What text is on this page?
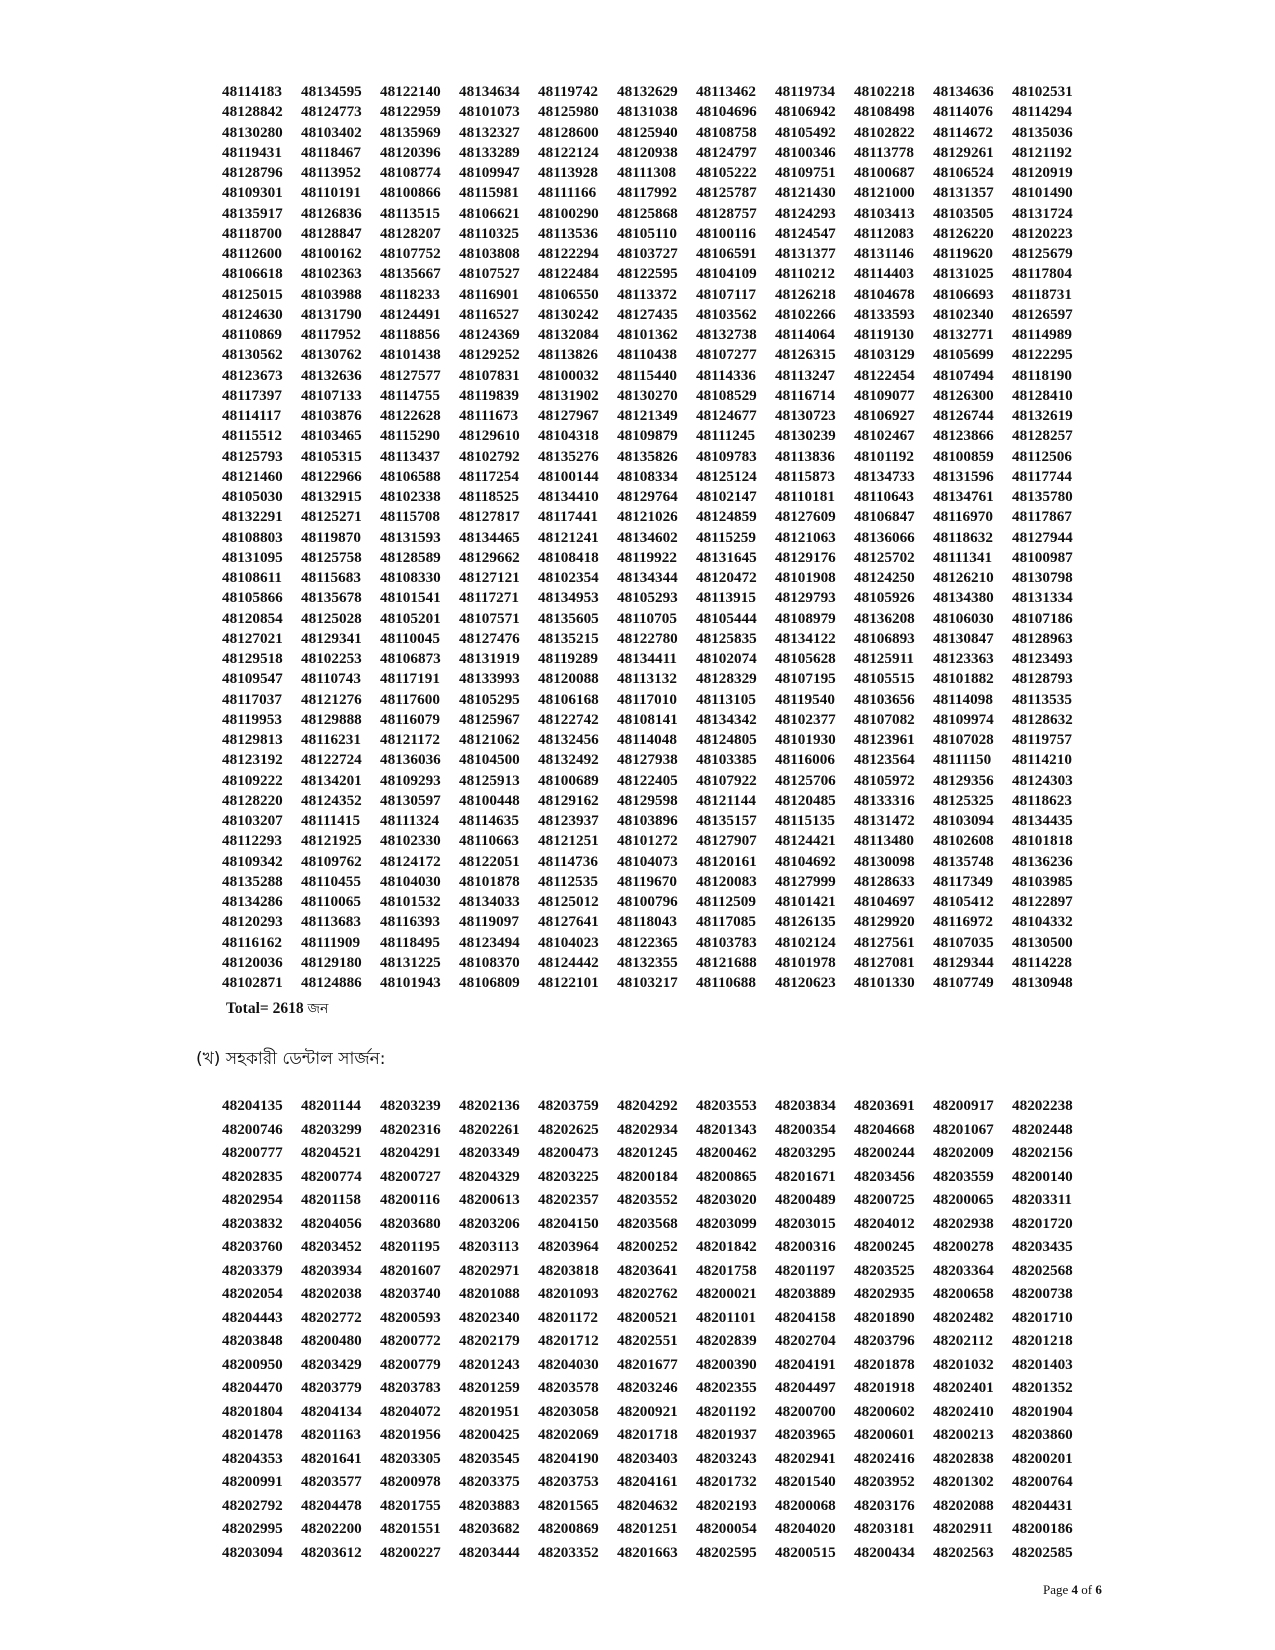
48114183	48134595	48122140	48134634	48119742	48132629	48113462	48119734	48102218	48134636	48102531
48128842	48124773	48122959	48101073	48125980	48131038	48104696	48106942	48108498	48114076	48114294
48130280	48103402	48135969	48132327	48128600	48125940	48108758	48105492	48102822	48114672	48135036
48119431	48118467	48120396	48133289	48122124	48120938	48124797	48100346	48113778	48129261	48121192
48128796	48113952	48108774	48109947	48113928	48111308	48105222	48109751	48100687	48106524	48120919
48109301	48110191	48100866	48115981	48111166	48117992	48125787	48121430	48121000	48131357	48101490
48135917	48126836	48113515	48106621	48100290	48125868	48128757	48124293	48103413	48103505	48131724
48118700	48128847	48128207	48110325	48113536	48105110	48100116	48124547	48112083	48126220	48120223
48112600	48100162	48107752	48103808	48122294	48103727	48106591	48131377	48131146	48119620	48125679
48106618	48102363	48135667	48107527	48122484	48122595	48104109	48110212	48114403	48131025	48117804
48125015	48103988	48118233	48116901	48106550	48113372	48107117	48126218	48104678	48106693	48118731
48124630	48131790	48124491	48116527	48130242	48127435	48103562	48102266	48133593	48102340	48126597
48110869	48117952	48118856	48124369	48132084	48101362	48132738	48114064	48119130	48132771	48114989
48130562	48130762	48101438	48129252	48113826	48110438	48107277	48126315	48103129	48105699	48122295
48123673	48132636	48127577	48107831	48100032	48115440	48114336	48113247	48122454	48107494	48118190
48117397	48107133	48114755	48119839	48131902	48130270	48108529	48116714	48109077	48126300	48128410
48114117	48103876	48122628	48111673	48127967	48121349	48124677	48130723	48106927	48126744	48132619
48115512	48103465	48115290	48129610	48104318	48109879	48111245	48130239	48102467	48123866	48128257
48125793	48105315	48113437	48102792	48135276	48135826	48109783	48113836	48101192	48100859	48112506
48121460	48122966	48106588	48117254	48100144	48108334	48125124	48115873	48134733	48131596	48117744
48105030	48132915	48102338	48118525	48134410	48129764	48102147	48110181	48110643	48134761	48135780
48132291	48125271	48115708	48127817	48117441	48121026	48124859	48127609	48106847	48116970	48117867
48108803	48119870	48131593	48134465	48121241	48134602	48115259	48121063	48136066	48118632	48127944
48131095	48125758	48128589	48129662	48108418	48119922	48131645	48129176	48125702	48111341	48100987
48108611	48115683	48108330	48127121	48102354	48134344	48120472	48101908	48124250	48126210	48130798
48105866	48135678	48101541	48117271	48134953	48105293	48113915	48129793	48105926	48134380	48131334
48120854	48125028	48105201	48107571	48135605	48110705	48105444	48108979	48136208	48106030	48107186
48127021	48129341	48110045	48127476	48135215	48122780	48125835	48134122	48106893	48130847	48128963
48129518	48102253	48106873	48131919	48119289	48134411	48102074	48105628	48125911	48123363	48123493
48109547	48110743	48117191	48133993	48120088	48113132	48128329	48107195	48105515	48101882	48128793
48117037	48121276	48117600	48105295	48106168	48117010	48113105	48119540	48103656	48114098	48113535
48119953	48129888	48116079	48125967	48122742	48108141	48134342	48102377	48107082	48109974	48128632
48129813	48116231	48121172	48121062	48132456	48114048	48124805	48101930	48123961	48107028	48119757
48123192	48122724	48136036	48104500	48132492	48127938	48103385	48116006	48123564	48111150	48114210
48109222	48134201	48109293	48125913	48100689	48122405	48107922	48125706	48105972	48129356	48124303
48128220	48124352	48130597	48100448	48129162	48129598	48121144	48120485	48133316	48125325	48118623
48103207	48111415	48111324	48114635	48123937	48103896	48135157	48115135	48131472	48103094	48134435
48112293	48121925	48102330	48110663	48121251	48101272	48127907	48124421	48113480	48102608	48101818
48109342	48109762	48124172	48122051	48114736	48104073	48120161	48104692	48130098	48135748	48136236
48135288	48110455	48104030	48101878	48112535	48119670	48120083	48127999	48128633	48117349	48103985
48134286	48110065	48101532	48134033	48125012	48100796	48112509	48101421	48104697	48105412	48122897
48120293	48113683	48116393	48119097	48127641	48118043	48117085	48126135	48129920	48116972	48104332
48116162	48111909	48118495	48123494	48104023	48122365	48103783	48102124	48127561	48107035	48130500
48120036	48129180	48131225	48108370	48124442	48132355	48121688	48101978	48127081	48129344	48114228
48102871	48124886	48101943	48106809	48122101	48103217	48110688	48120623	48101330	48107749	48130948
Total= 2618 জন
(খ) সহকারী ডেন্টাল সার্জন:
48204135	48201144	48203239	48202136	48203759	48204292	48203553	48203834	48203691	48200917	48202238
48200746	48203299	48202316	48202261	48202625	48202934	48201343	48200354	48204668	48201067	48202448
48200777	48204521	48204291	48203349	48200473	48201245	48200462	48203295	48200244	48202009	48202156
48202835	48200774	48200727	48204329	48203225	48200184	48200865	48201671	48203456	48203559	48200140
48202954	48201158	48200116	48200613	48202357	48203552	48203020	48200489	48200725	48200065	48203311
48203832	48204056	48203680	48203206	48204150	48203568	48203099	48203015	48204012	48202938	48201720
48203760	48203452	48201195	48203113	48203964	48200252	48201842	48200316	48200245	48200278	48203435
48203379	48203934	48201607	48202971	48203818	48203641	48201758	48201197	48203525	48203364	48202568
48202054	48202038	48203740	48201088	48201093	48202762	48200021	48203889	48202935	48200658	48200738
48204443	48202772	48200593	48202340	48201172	48200521	48201101	48204158	48201890	48202482	48201710
48203848	48200480	48200772	48202179	48201712	48202551	48202839	48202704	48203796	48202112	48201218
48200950	48203429	48200779	48201243	48204030	48201677	48200390	48204191	48201878	48201032	48201403
48204470	48203779	48203783	48201259	48203578	48203246	48202355	48204497	48201918	48202401	48201352
48201804	48204134	48204072	48201951	48203058	48200921	48201192	48200700	48200602	48202410	48201904
48201478	48201163	48201956	48200425	48202069	48201718	48201937	48203965	48200601	48200213	48203860
48204353	48201641	48203305	48203545	48204190	48203403	48203243	48202941	48202416	48202838	48200201
48200991	48203577	48200978	48203375	48203753	48204161	48201732	48201540	48203952	48201302	48200764
48202792	48204478	48201755	48203883	48201565	48204632	48202193	48200068	48203176	48202088	48204431
48202995	48202200	48201551	48203682	48200869	48201251	48200054	48204020	48203181	48202911	48200186
48203094	48203612	48200227	48203444	48203352	48201663	48202595	48200515	48200434	48202563	48202585
Page 4 of 6
